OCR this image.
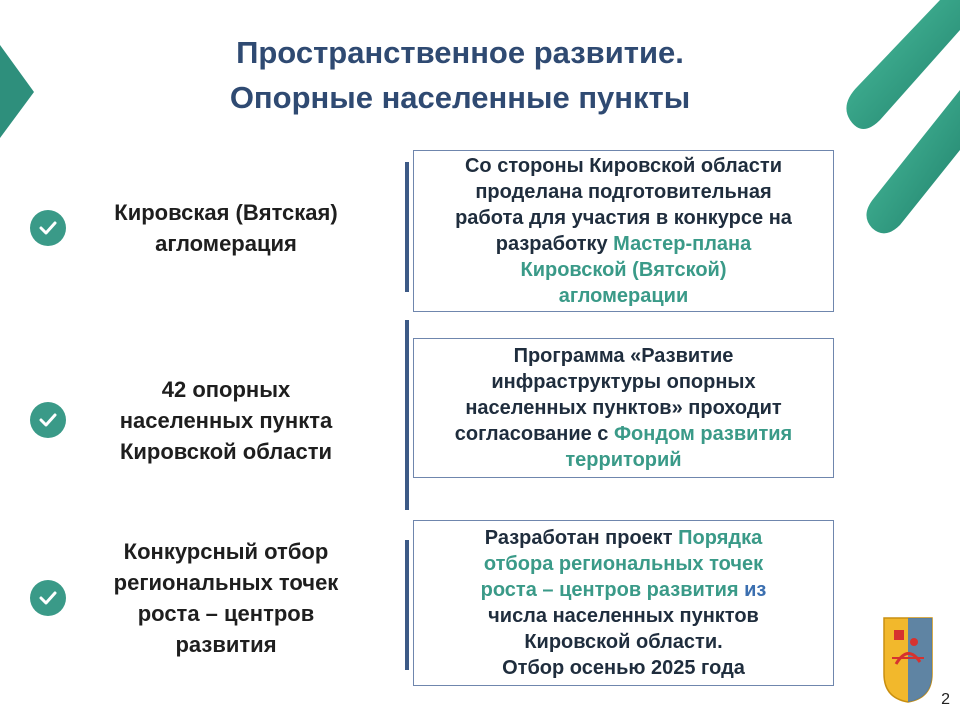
Пространственное развитие.
Опорные населенные пункты
Кировская (Вятская)
агломерация
Со стороны Кировской области
проделана подготовительная
работа для участия в конкурсе на
разработку Мастер-плана
Кировской (Вятской)
агломерации
42 опорных
населенных пункта
Кировской области
Программа «Развитие
инфраструктуры опорных
населенных пунктов» проходит
согласование с Фондом развития
территорий
Конкурсный отбор
региональных точек
роста – центров
развития
Разработан проект Порядка
отбора региональных точек
роста – центров развития из
числа населенных пунктов
Кировской области.
Отбор осенью 2025 года
2
